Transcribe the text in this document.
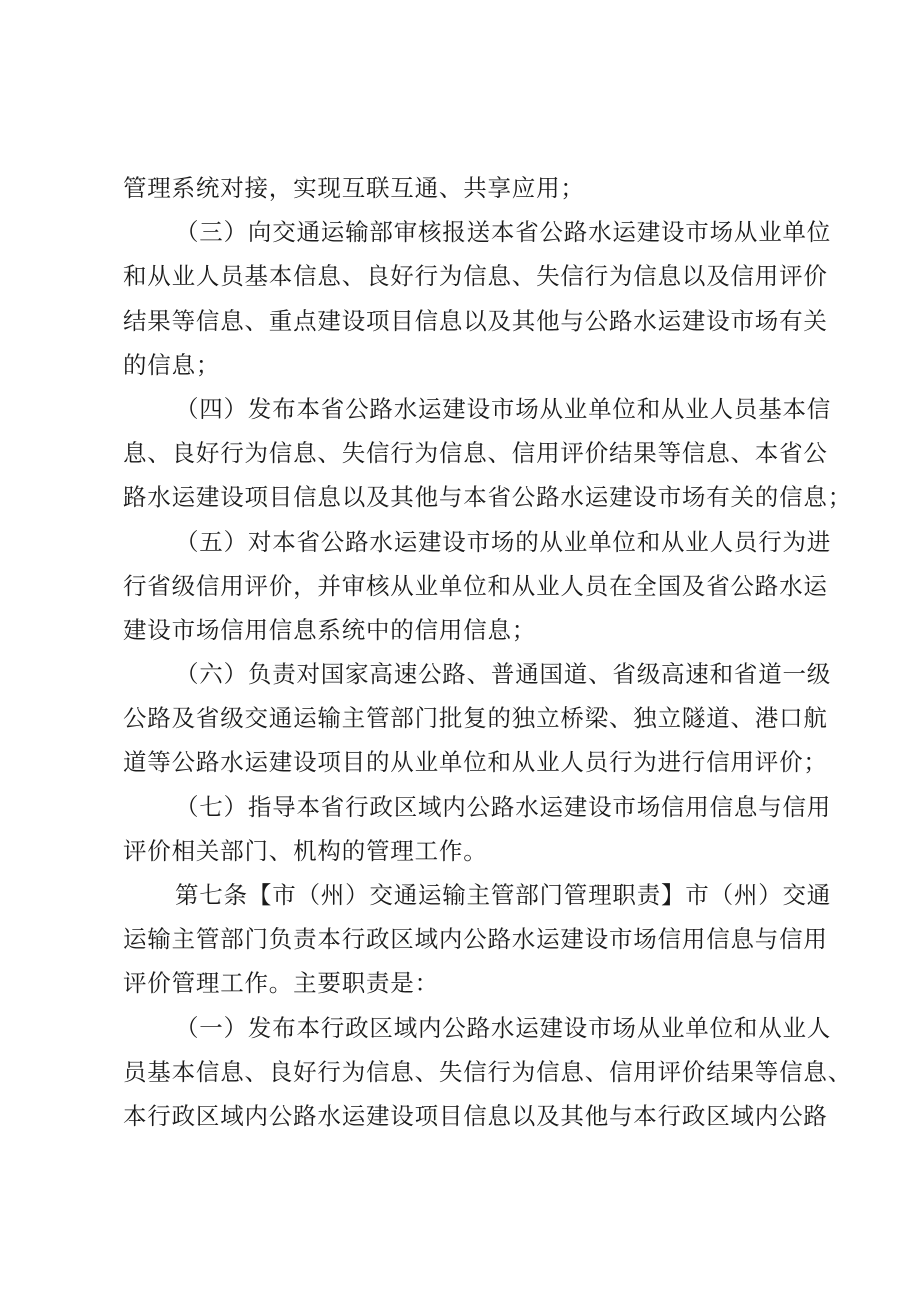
管理系统对接，实现互联互通、共享应用；
（三）向交通运输部审核报送本省公路水运建设市场从业单位
和从业人员基本信息、良好行为信息、失信行为信息以及信用评价
结果等信息、重点建设项目信息以及其他与公路水运建设市场有关
的信息；
（四）发布本省公路水运建设市场从业单位和从业人员基本信
息、良好行为信息、失信行为信息、信用评价结果等信息、本省公
路水运建设项目信息以及其他与本省公路水运建设市场有关的信息；
（五）对本省公路水运建设市场的从业单位和从业人员行为进
行省级信用评价，并审核从业单位和从业人员在全国及省公路水运
建设市场信用信息系统中的信用信息；
（六）负责对国家高速公路、普通国道、省级高速和省道一级
公路及省级交通运输主管部门批复的独立桥梁、独立隧道、港口航
道等公路水运建设项目的从业单位和从业人员行为进行信用评价；
（七）指导本省行政区域内公路水运建设市场信用信息与信用
评价相关部门、机构的管理工作。
第七条【市（州）交通运输主管部门管理职责】市（州）交通
运输主管部门负责本行政区域内公路水运建设市场信用信息与信用
评价管理工作。主要职责是：
（一）发布本行政区域内公路水运建设市场从业单位和从业人
员基本信息、良好行为信息、失信行为信息、信用评价结果等信息、
本行政区域内公路水运建设项目信息以及其他与本行政区域内公路
